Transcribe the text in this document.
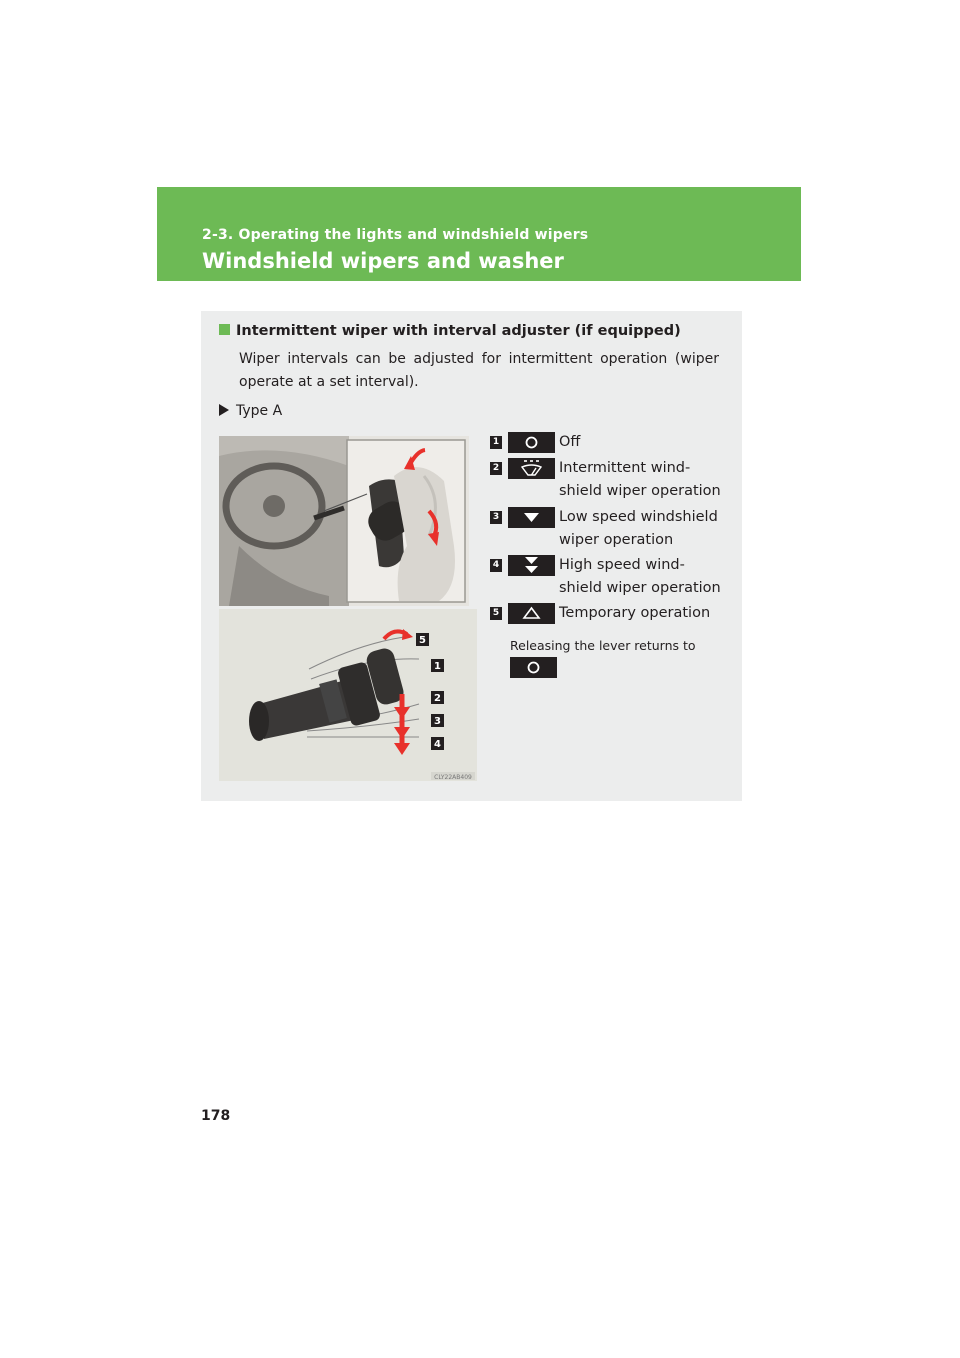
2-3. Operating the lights and windshield wipers
Windshield wipers and washer
Intermittent wiper with interval adjuster (if equipped)
Wiper intervals can be adjusted for intermittent operation (wiper operate at a set interval).
Type A
5
1
2
3
4
CLY22AB409
1	Off
2	Intermittent wind-
shield wiper operation
3	Low speed windshield
wiper operation
4	High speed wind-
shield wiper operation
5	Temporary operation
Releasing the lever returns to
.
178
